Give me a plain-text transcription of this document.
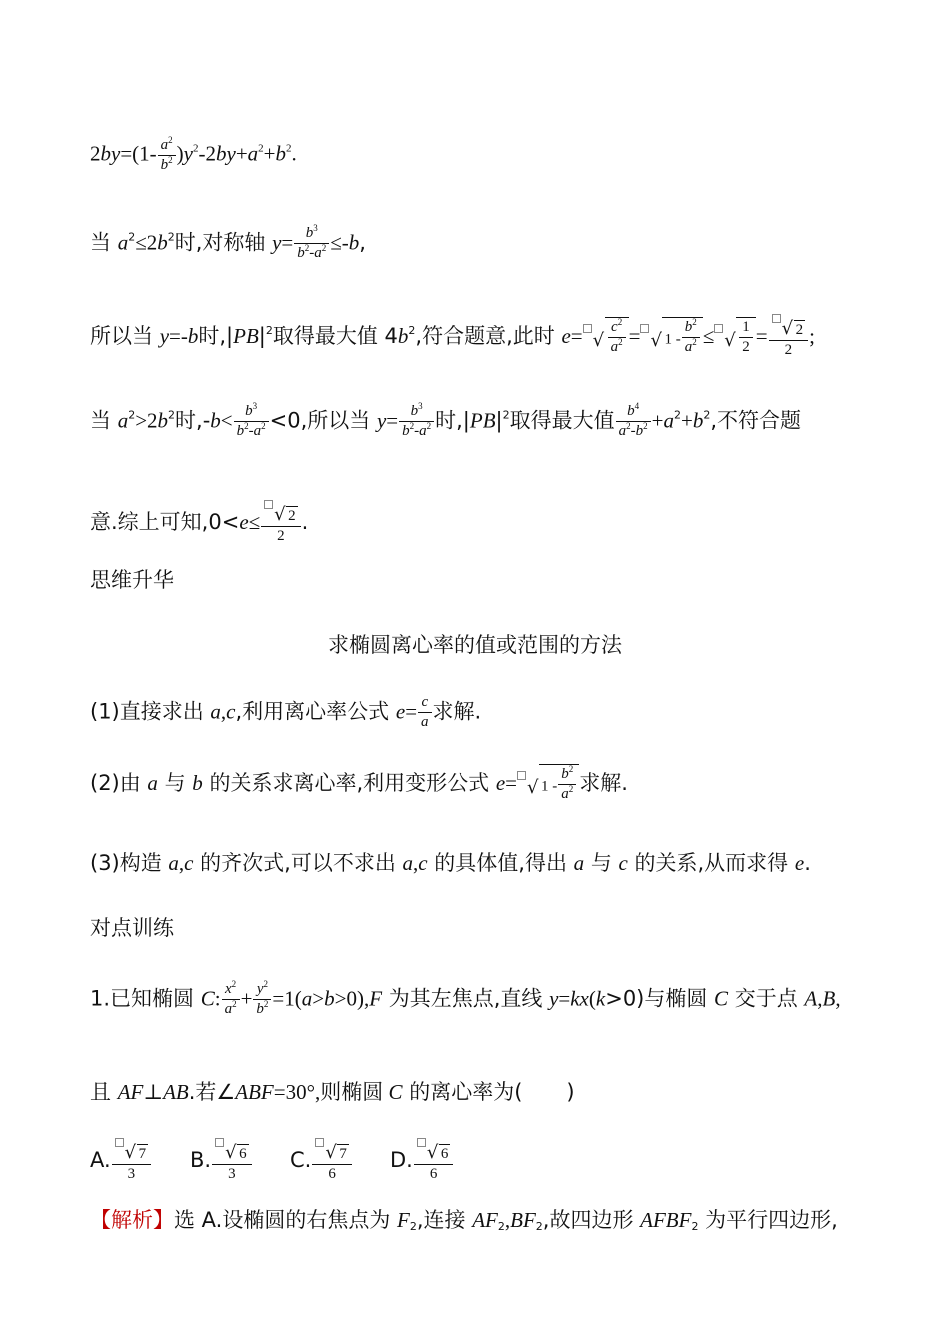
$2by=(1- \frac{a^2}{b^2} )y^2-2by+a^2+b^2$.
当 $a^2\le 2b^2$时,对称轴 $y= \frac{b^3}{b^2-a^2} \le-b$,
所以当 y=-b时$,|PB|^2$取得最大值 $4b^2$,符合题意,此时 e= √ $\frac{c^2}{a^2}$ = √ $1 - \frac{b^2}{a^2}$ ≤ √ $\frac{1}{2}$ = √ $\frac{2}{2}$ ;
当 $a^2>2b^2$时$,-b< \frac{b^3}{b^2-a^2} <0$,所以当 $y= \frac{b^3}{b^2-a^2}$ 时$,|PB|^2$取得最大值 $\frac{b^4}{a^2-b^2} +a^2+b^2$,不符合题
意.综上可知,0<e≤ √ $\frac{2}{2}$ .
思维升华
求椭圆离心率的值或范围的方法
(1)直接求出 a,c,利用离心率公式 $e= \frac{c}{a}$ 求解.
(2)由 a 与 b 的关系求离心率,利用变形公式 e= √ $1 - \frac{b^2}{a^2}$ 求解.
(3)构造 a,c 的齐次式,可以不求出 a,c 的具体值,得出 a 与 c 的关系,从而求得 e.
对点训练
1.已知椭圆 C: $\frac{x^2}{a^2} + \frac{y^2}{b^2} =1(a>b>0),F$ 为其左焦点,直线 y=kx(k>0)与椭圆 C 交于点 A,B,
且 AF⊥AB.若∠ABF=30°,则椭圆 C 的离心率为( )
A. √ $\frac{7}{3} B$. √ $\frac{6}{3} C$. √ $\frac{7}{6} D$. √ $\frac{6}{6}$
【解析】选 A.设椭圆的右焦点为 $F_2$,连接 $AF_2,BF_2$,故四边形 $AFBF_2$ 为平行四边形,
